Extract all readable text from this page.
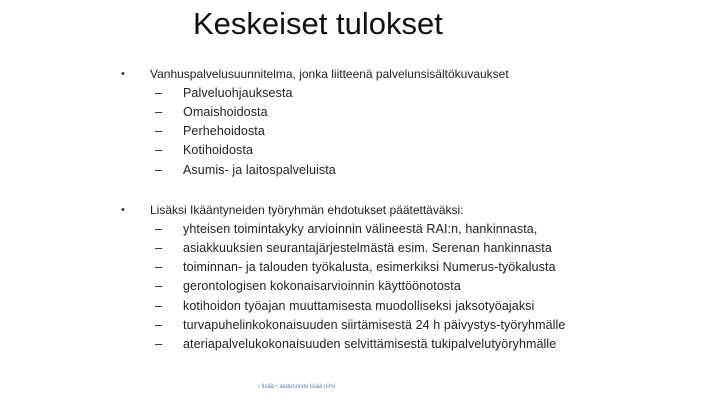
Keskeiset tulokset
• Vanhuspalvelusuunnitelma, jonka liitteenä palvelunsisältökuvaukset
– Palveluohjauksesta
– Omaishoidosta
– Perhehoidosta
– Kotihoidosta
– Asumis- ja laitospalveluista
• Lisäksi Ikääntyneiden työryhmän ehdotukset päätettäväksi:
– yhteisen toimintakyky arvioinnin välineestä RAI:n, hankinnasta,
– asiakkuuksien seurantajärjestelmästä esim. Serenan hankinnasta
– toiminnan- ja talouden työkalusta, esimerkiksi Numerus-työkalusta
– gerontologisen kokonaisarvioinnin käyttöönotosta
– kotihoidon työajan muuttamisesta muodolliseksi jaksotyöajaksi
– turvapuhelinkokonaisuuden siirtämisestä 24 h päivystys-työryhmälle
– ateriapalvelukokonaisuuden selvittämisestä tukipalvelutyöryhmälle
› lisää › alatunniste lisää nimi
